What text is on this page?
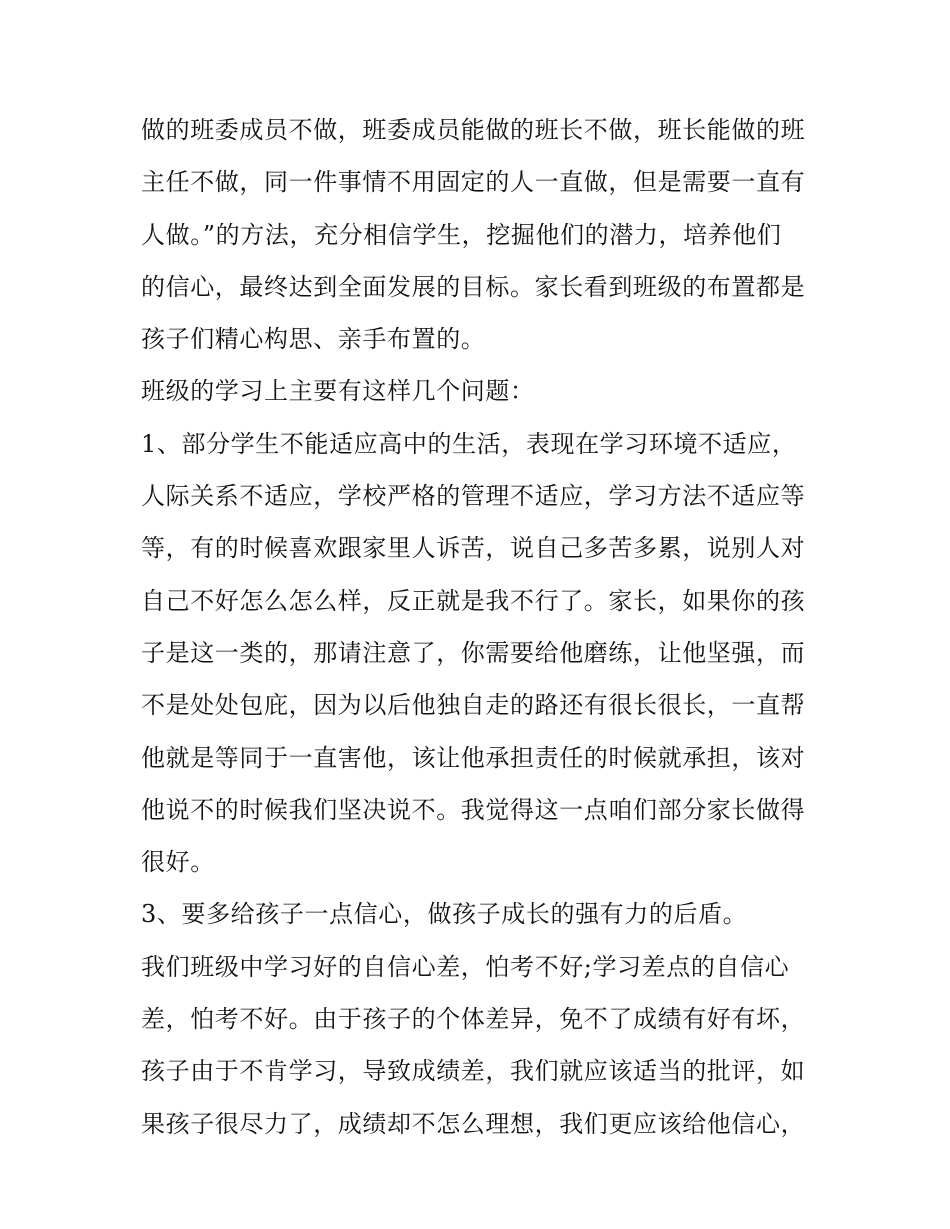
做的班委成员不做，班委成员能做的班长不做，班长能做的班
主任不做，同一件事情不用固定的人一直做，但是需要一直有
人做。”的方法，充分相信学生，挖掘他们的潜力，培养他们
的信心，最终达到全面发展的目标。家长看到班级的布置都是
孩子们精心构思、亲手布置的。
班级的学习上主要有这样几个问题：
1、部分学生不能适应高中的生活，表现在学习环境不适应，
人际关系不适应，学校严格的管理不适应，学习方法不适应等
等，有的时候喜欢跟家里人诉苦，说自己多苦多累，说别人对
自己不好怎么怎么样，反正就是我不行了。家长，如果你的孩
子是这一类的，那请注意了，你需要给他磨练，让他坚强，而
不是处处包庇，因为以后他独自走的路还有很长很长，一直帮
他就是等同于一直害他，该让他承担责任的时候就承担，该对
他说不的时候我们坚决说不。我觉得这一点咱们部分家长做得
很好。
3、要多给孩子一点信心，做孩子成长的强有力的后盾。
我们班级中学习好的自信心差，怕考不好;学习差点的自信心
差，怕考不好。由于孩子的个体差异，免不了成绩有好有坏，
孩子由于不肯学习，导致成绩差，我们就应该适当的批评，如
果孩子很尽力了，成绩却不怎么理想，我们更应该给他信心，
